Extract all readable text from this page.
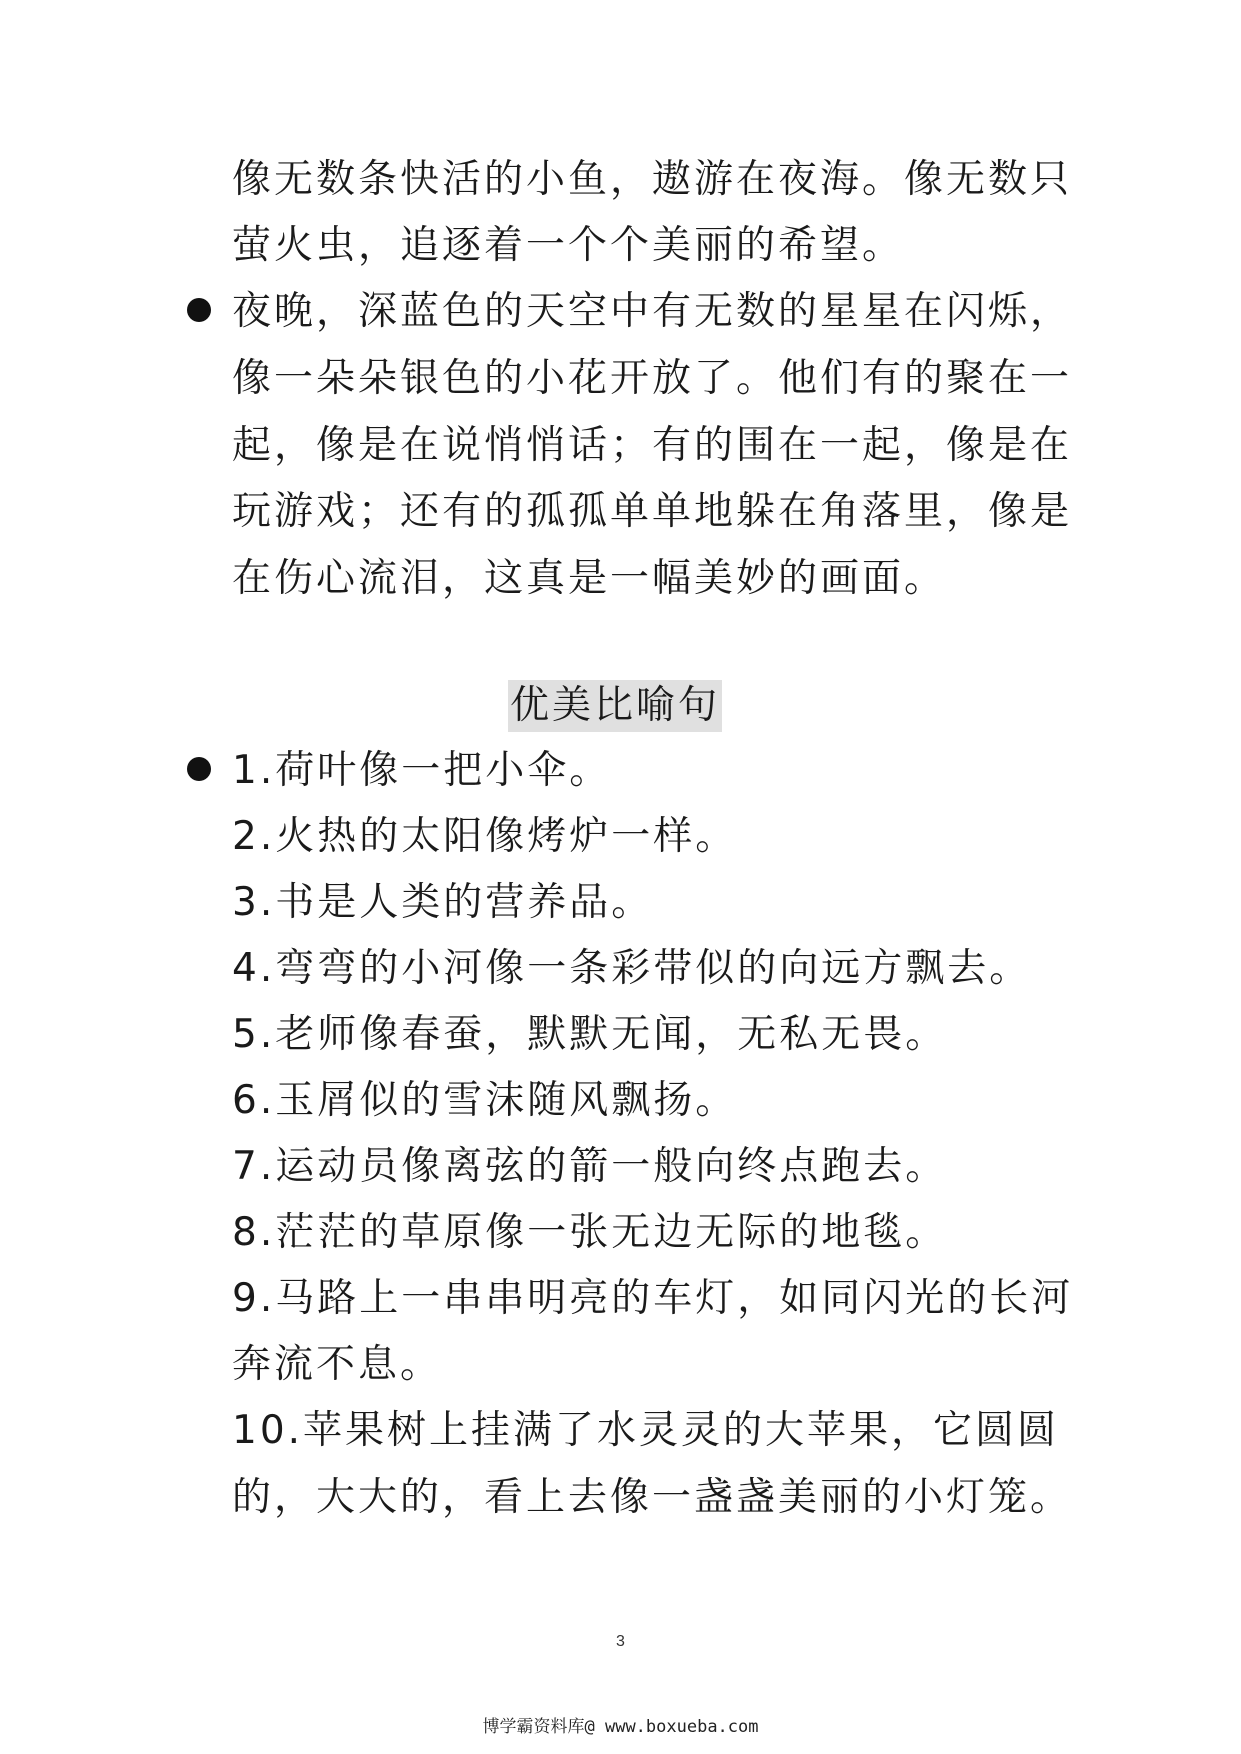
像无数条快活的小鱼，遨游在夜海。像无数只
萤火虫，追逐着一个个美丽的希望。
夜晚，深蓝色的天空中有无数的星星在闪烁，
像一朵朵银色的小花开放了。他们有的聚在一
起，像是在说悄悄话；有的围在一起，像是在
玩游戏；还有的孤孤单单地躲在角落里，像是
在伤心流泪，这真是一幅美妙的画面。
优美比喻句
1.荷叶像一把小伞。
2.火热的太阳像烤炉一样。
3.书是人类的营养品。
4.弯弯的小河像一条彩带似的向远方飘去。
5.老师像春蚕，默默无闻，无私无畏。
6.玉屑似的雪沫随风飘扬。
7.运动员像离弦的箭一般向终点跑去。
8.茫茫的草原像一张无边无际的地毯。
9.马路上一串串明亮的车灯，如同闪光的长河
奔流不息。
10.苹果树上挂满了水灵灵的大苹果，它圆圆
的，大大的，看上去像一盏盏美丽的小灯笼。
3
博学霸资料库@ www.boxueba.com
